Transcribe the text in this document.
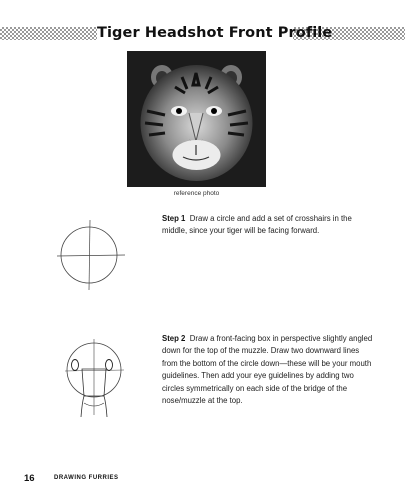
Tiger Headshot Front Profile
reference photo
Step 1 Draw a circle and add a set of crosshairs in the middle, since your tiger will be facing forward.
Step 2 Draw a front-facing box in perspective slightly angled down for the top of the muzzle. Draw two downward lines from the bottom of the circle down—these will be your mouth guidelines. Then add your eye guidelines by adding two circles symmetrically on each side of the bridge of the nose/muzzle at the top.
16	DRAWING FURRIES
